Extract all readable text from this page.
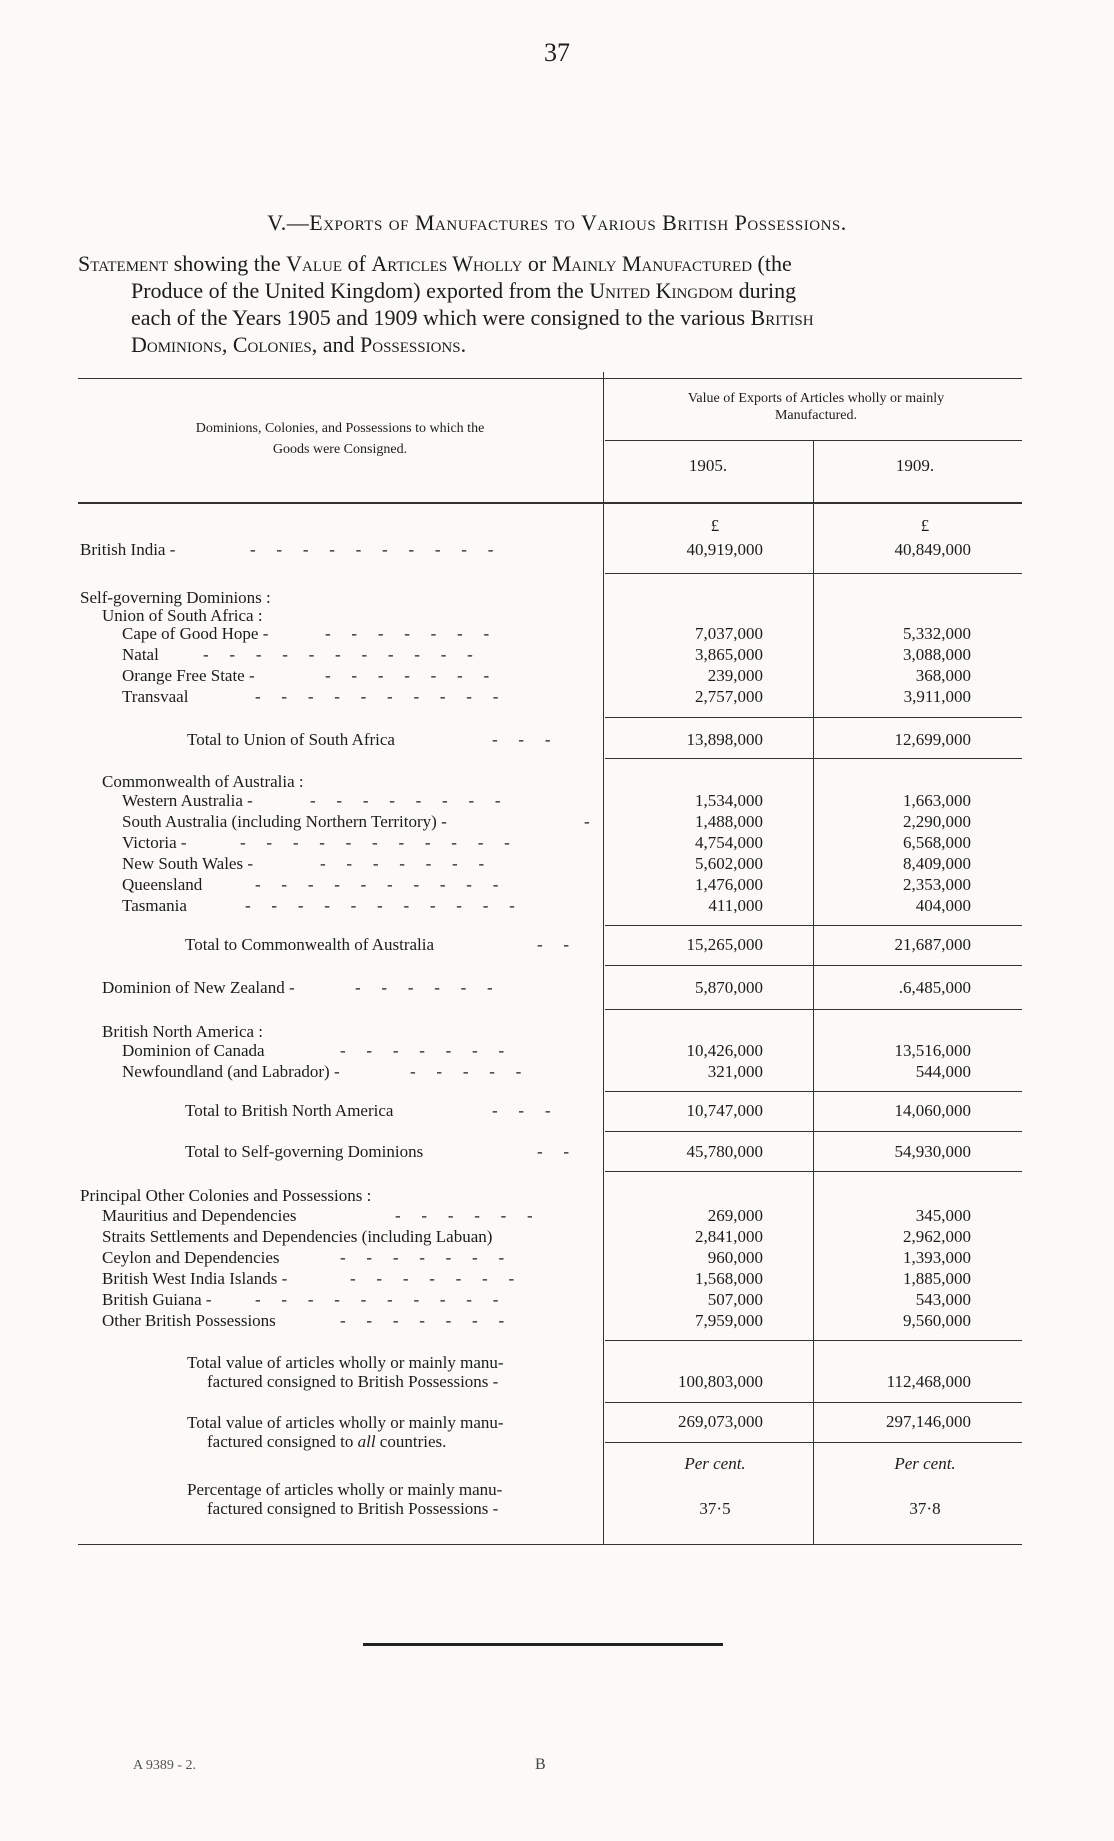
37
V.—Exports of Manufactures to Various British Possessions.
Statement showing the Value of Articles Wholly or Mainly Manufactured (the
Produce of the United Kingdom) exported from the United Kingdom during
each of the Years 1905 and 1909 which were consigned to the various British
Dominions, Colonies, and Possessions.
Dominions, Colonies, and Possessions to which the
Goods were Consigned.
Value of Exports of Articles wholly or mainly
Manufactured.
1905.	1909.
£	£
British India -	-   -   -   -   -   -   -   -   -   -	40,919,000	40,849,000
Self-governing Dominions :
Union of South Africa :
Cape of Good Hope -	-   -   -   -   -   -   -	7,037,000	5,332,000
Natal	-   -   -   -   -   -   -   -   -   -   -	3,865,000	3,088,000
Orange Free State -	-   -   -   -   -   -   -	239,000	368,000
Transvaal	-   -   -   -   -   -   -   -   -   -	2,757,000	3,911,000
Total to Union of South Africa	-   -   -	13,898,000	12,699,000
Commonwealth of Australia :
Western Australia -	-   -   -   -   -   -   -   -	1,534,000	1,663,000
South Australia (including Northern Territory) -	-	1,488,000	2,290,000
Victoria -	-   -   -   -   -   -   -   -   -   -   -	4,754,000	6,568,000
New South Wales -	-   -   -   -   -   -   -	5,602,000	8,409,000
Queensland	-   -   -   -   -   -   -   -   -   -	1,476,000	2,353,000
Tasmania	-   -   -   -   -   -   -   -   -   -   -	411,000	404,000
Total to Commonwealth of Australia	-   -	15,265,000	21,687,000
Dominion of New Zealand -	-   -   -   -   -   -	5,870,000	.6,485,000
British North America :
Dominion of Canada	-   -   -   -   -   -   -	10,426,000	13,516,000
Newfoundland (and Labrador) -	-   -   -   -   -	321,000	544,000
Total to British North America	-   -   -	10,747,000	14,060,000
Total to Self-governing Dominions	-   -	45,780,000	54,930,000
Principal Other Colonies and Possessions :
Mauritius and Dependencies	-   -   -   -   -   -	269,000	345,000
Straits Settlements and Dependencies (including Labuan)	2,841,000	2,962,000
Ceylon and Dependencies	-   -   -   -   -   -   -	960,000	1,393,000
British West India Islands -	-   -   -   -   -   -   -	1,568,000	1,885,000
British Guiana -	-   -   -   -   -   -   -   -   -   -	507,000	543,000
Other British Possessions	-   -   -   -   -   -   -	7,959,000	9,560,000
Total value of articles wholly or mainly manu-
factured consigned to British Possessions -	100,803,000	112,468,000
Total value of articles wholly or mainly manu-
factured consigned to all countries.
269,073,000	297,146,000
Per cent.	Per cent.
Percentage of articles wholly or mainly manu-
factured consigned to British Possessions -	37·5	37·8
A 9389 - 2.	B
